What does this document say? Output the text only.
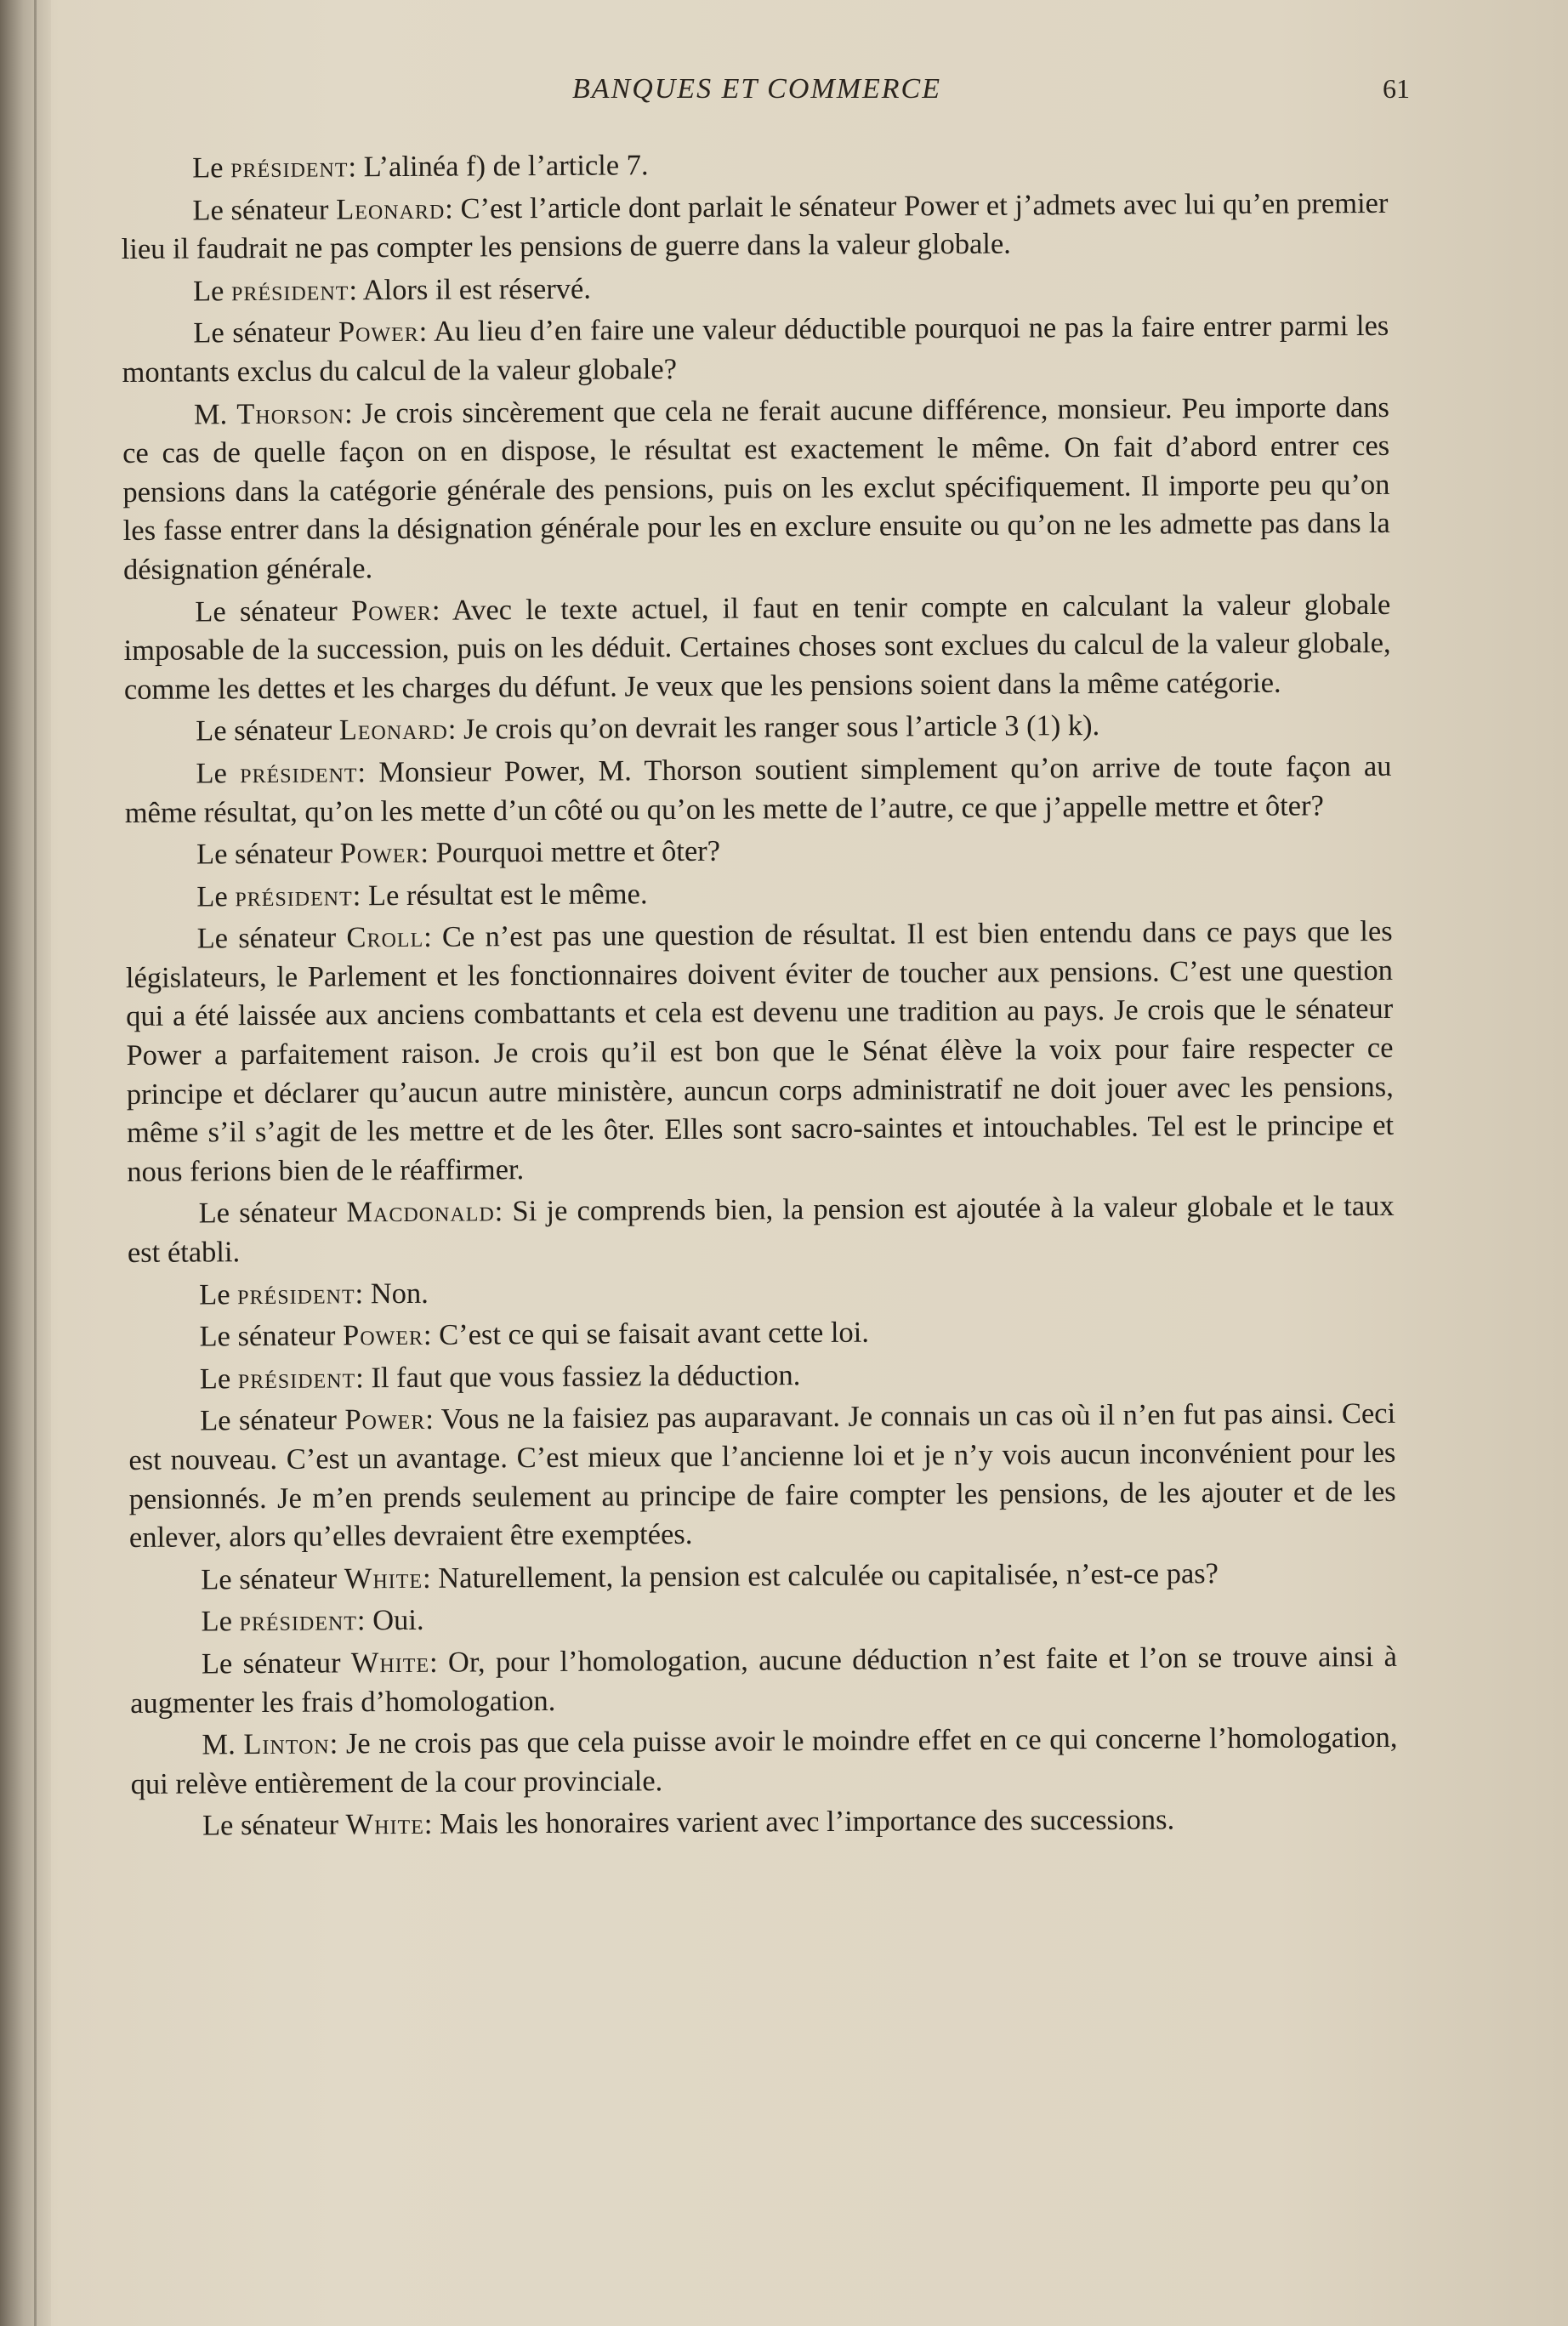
BANQUES ET COMMERCE	61

Le président: L’alinéa f) de l’article 7.

Le sénateur Leonard: C’est l’article dont parlait le sénateur Power et j’admets avec lui qu’en premier lieu il faudrait ne pas compter les pensions de guerre dans la valeur globale.

Le président: Alors il est réservé.

Le sénateur Power: Au lieu d’en faire une valeur déductible pourquoi ne pas la faire entrer parmi les montants exclus du calcul de la valeur globale?

M. Thorson: Je crois sincèrement que cela ne ferait aucune différence, monsieur. Peu importe dans ce cas de quelle façon on en dispose, le résultat est exactement le même. On fait d’abord entrer ces pensions dans la catégorie générale des pensions, puis on les exclut spécifiquement. Il importe peu qu’on les fasse entrer dans la désignation générale pour les en exclure ensuite ou qu’on ne les admette pas dans la désignation générale.

Le sénateur Power: Avec le texte actuel, il faut en tenir compte en calculant la valeur globale imposable de la succession, puis on les déduit. Certaines choses sont exclues du calcul de la valeur globale, comme les dettes et les charges du défunt. Je veux que les pensions soient dans la même catégorie.

Le sénateur Leonard: Je crois qu’on devrait les ranger sous l’article 3 (1) k).

Le président: Monsieur Power, M. Thorson soutient simplement qu’on arrive de toute façon au même résultat, qu’on les mette d’un côté ou qu’on les mette de l’autre, ce que j’appelle mettre et ôter?

Le sénateur Power: Pourquoi mettre et ôter?

Le président: Le résultat est le même.

Le sénateur Croll: Ce n’est pas une question de résultat. Il est bien entendu dans ce pays que les législateurs, le Parlement et les fonctionnaires doivent éviter de toucher aux pensions. C’est une question qui a été laissée aux anciens combattants et cela est devenu une tradition au pays. Je crois que le sénateur Power a parfaitement raison. Je crois qu’il est bon que le Sénat élève la voix pour faire respecter ce principe et déclarer qu’aucun autre ministère, auncun corps administratif ne doit jouer avec les pensions, même s’il s’agit de les mettre et de les ôter. Elles sont sacro-saintes et intouchables. Tel est le principe et nous ferions bien de le réaffirmer.

Le sénateur Macdonald: Si je comprends bien, la pension est ajoutée à la valeur globale et le taux est établi.

Le président: Non.

Le sénateur Power: C’est ce qui se faisait avant cette loi.

Le président: Il faut que vous fassiez la déduction.

Le sénateur Power: Vous ne la faisiez pas auparavant. Je connais un cas où il n’en fut pas ainsi. Ceci est nouveau. C’est un avantage. C’est mieux que l’ancienne loi et je n’y vois aucun inconvénient pour les pensionnés. Je m’en prends seulement au principe de faire compter les pensions, de les ajouter et de les enlever, alors qu’elles devraient être exemptées.

Le sénateur White: Naturellement, la pension est calculée ou capitalisée, n’est-ce pas?

Le président: Oui.

Le sénateur White: Or, pour l’homologation, aucune déduction n’est faite et l’on se trouve ainsi à augmenter les frais d’homologation.

M. Linton: Je ne crois pas que cela puisse avoir le moindre effet en ce qui concerne l’homologation, qui relève entièrement de la cour provinciale.

Le sénateur White: Mais les honoraires varient avec l’importance des successions.
